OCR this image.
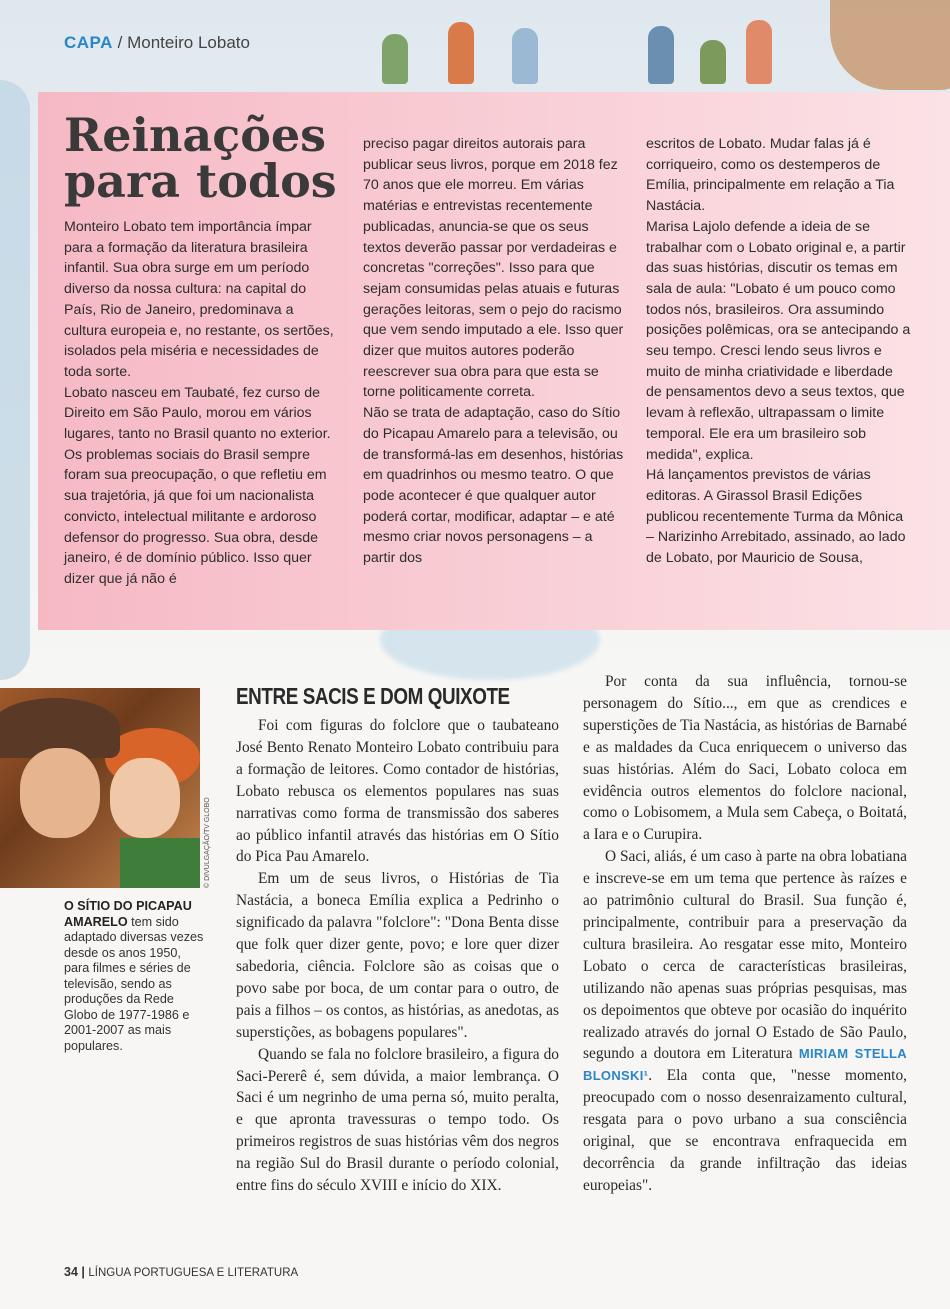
CAPA / Monteiro Lobato
Reinações
para todos

Monteiro Lobato tem importância ímpar para a formação da literatura brasileira infantil. Sua obra surge em um período diverso da nossa cultura: na capital do País, Rio de Janeiro, predominava a cultura europeia e, no restante, os sertões, isolados pela miséria e necessidades de toda sorte.

Lobato nasceu em Taubaté, fez curso de Direito em São Paulo, morou em vários lugares, tanto no Brasil quanto no exterior. Os problemas sociais do Brasil sempre foram sua preocupação, o que refletiu em sua trajetória, já que foi um nacionalista convicto, intelectual militante e ardoroso defensor do progresso. Sua obra, desde janeiro, é de domínio público. Isso quer dizer que já não é

preciso pagar direitos autorais para publicar seus livros, porque em 2018 fez 70 anos que ele morreu. Em várias matérias e entrevistas recentemente publicadas, anuncia-se que os seus textos deverão passar por verdadeiras e concretas "correções". Isso para que sejam consumidas pelas atuais e futuras gerações leitoras, sem o pejo do racismo que vem sendo imputado a ele. Isso quer dizer que muitos autores poderão reescrever sua obra para que esta se torne politicamente correta.

Não se trata de adaptação, caso do Sítio do Picapau Amarelo para a televisão, ou de transformá-las em desenhos, histórias em quadrinhos ou mesmo teatro. O que pode acontecer é que qualquer autor poderá cortar, modificar, adaptar – e até mesmo criar novos personagens – a partir dos

escritos de Lobato. Mudar falas já é corriqueiro, como os destemperos de Emília, principalmente em relação a Tia Nastácia.

Marisa Lajolo defende a ideia de se trabalhar com o Lobato original e, a partir das suas histórias, discutir os temas em sala de aula: "Lobato é um pouco como todos nós, brasileiros. Ora assumindo posições polêmicas, ora se antecipando a seu tempo. Cresci lendo seus livros e muito de minha criatividade e liberdade de pensamentos devo a seus textos, que levam à reflexão, ultrapassam o limite temporal. Ele era um brasileiro sob medida", explica.

Há lançamentos previstos de várias editoras. A Girassol Brasil Edições publicou recentemente Turma da Mônica – Narizinho Arrebitado, assinado, ao lado de Lobato, por Mauricio de Sousa,

© DIVULGAÇÃO/TV GLOBO
O SÍTIO DO PICAPAU AMARELO tem sido adaptado diversas vezes desde os anos 1950, para filmes e séries de televisão, sendo as produções da Rede Globo de 1977-1986 e 2001-2007 as mais populares.
ENTRE SACIS E DOM QUIXOTE

Foi com figuras do folclore que o taubateano José Bento Renato Monteiro Lobato contribuiu para a formação de leitores. Como contador de histórias, Lobato rebusca os elementos populares nas suas narrativas como forma de transmissão dos saberes ao público infantil através das histórias em O Sítio do Pica Pau Amarelo.

Em um de seus livros, o Histórias de Tia Nastácia, a boneca Emília explica a Pedrinho o significado da palavra "folclore": "Dona Benta disse que folk quer dizer gente, povo; e lore quer dizer sabedoria, ciência. Folclore são as coisas que o povo sabe por boca, de um contar para o outro, de pais a filhos – os contos, as histórias, as anedotas, as superstições, as bobagens populares".

Quando se fala no folclore brasileiro, a figura do Saci-Pererê é, sem dúvida, a maior lembrança. O Saci é um negrinho de uma perna só, muito peralta, e que apronta travessuras o tempo todo. Os primeiros registros de suas histórias vêm dos negros na região Sul do Brasil durante o período colonial, entre fins do século XVIII e início do XIX.

Por conta da sua influência, tornou-se personagem do Sítio..., em que as crendices e superstições de Tia Nastácia, as histórias de Barnabé e as maldades da Cuca enriquecem o universo das suas histórias. Além do Saci, Lobato coloca em evidência outros elementos do folclore nacional, como o Lobisomem, a Mula sem Cabeça, o Boitatá, a Iara e o Curupira.

O Saci, aliás, é um caso à parte na obra lobatiana e inscreve-se em um tema que pertence às raízes e ao patrimônio cultural do Brasil. Sua função é, principalmente, contribuir para a preservação da cultura brasileira. Ao resgatar esse mito, Monteiro Lobato o cerca de características brasileiras, utilizando não apenas suas próprias pesquisas, mas os depoimentos que obteve por ocasião do inquérito realizado através do jornal O Estado de São Paulo, segundo a doutora em Literatura MIRIAM STELLA BLONSKI¹. Ela conta que, "nesse momento, preocupado com o nosso desenraizamento cultural, resgata para o povo urbano a sua consciência original, que se encontrava enfraquecida em decorrência da grande infiltração das ideias europeias".

34 | LÍNGUA PORTUGUESA E LITERATURA
